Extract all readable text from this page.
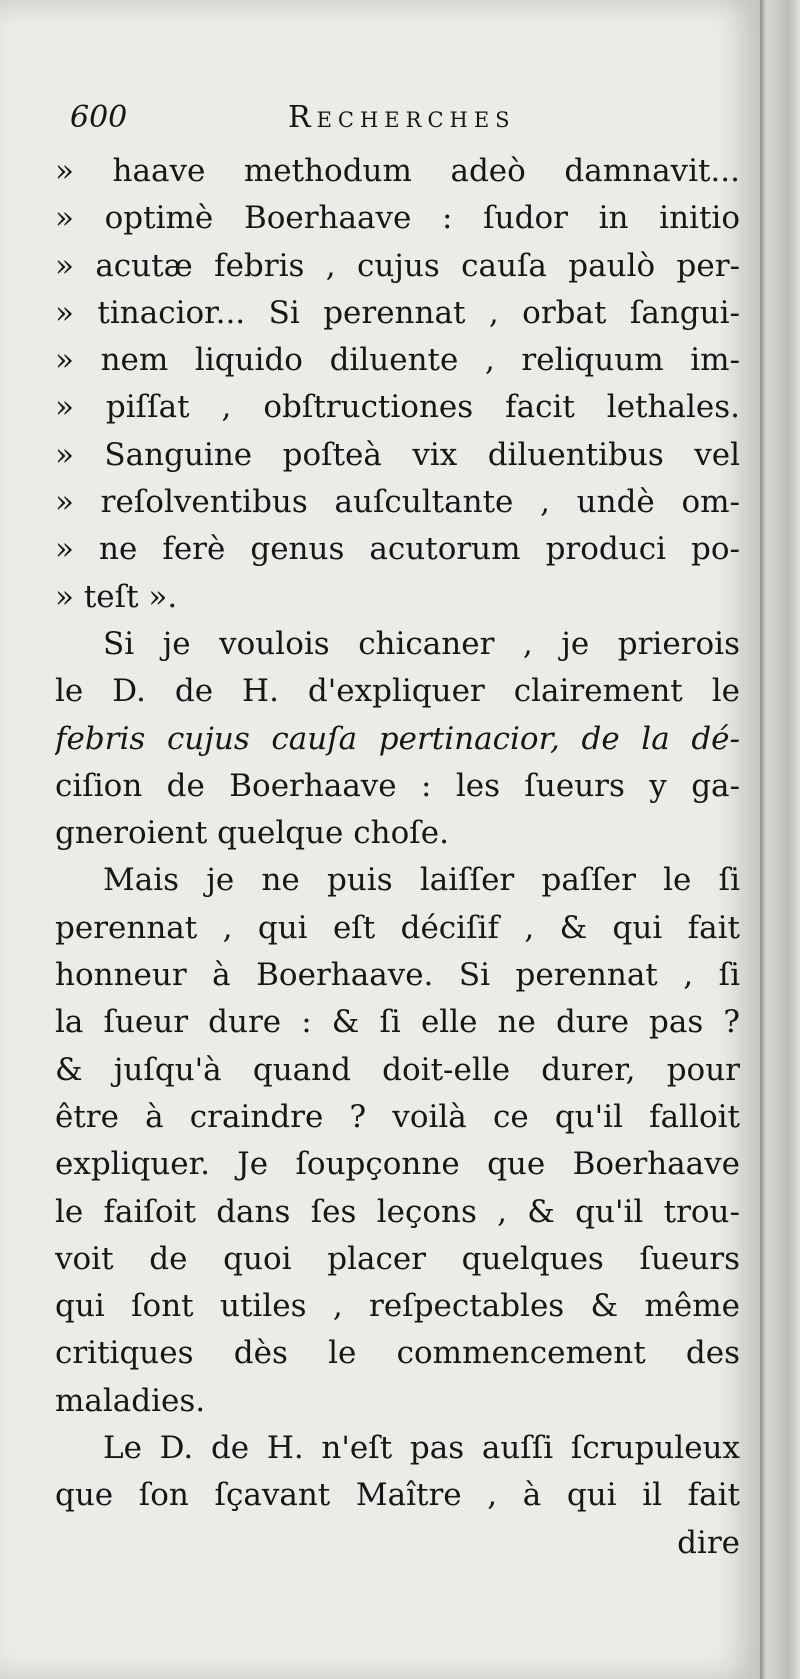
600	Recherches
» haave methodum adeò damnavit...
» optimè Boerhaave : ſudor in initio
» acutæ febris , cujus cauſa paulò per-
» tinacior... Si perennat , orbat ſangui-
» nem liquido diluente , reliquum im-
» piſſat , obſtructiones facit lethales.
» Sanguine poſteà vix diluentibus vel
» reſolventibus auſcultante , undè om-
» ne ferè genus acutorum produci po-
» teſt ».
Si je voulois chicaner , je prierois
le D. de H. d'expliquer clairement le
febris cujus cauſa pertinacior, de la dé-
ciſion de Boerhaave : les ſueurs y ga-
gneroient quelque choſe.
Mais je ne puis laiſſer paſſer le ſi
perennat , qui eſt déciſif , & qui fait
honneur à Boerhaave. Si perennat , ſi
la ſueur dure : & ſi elle ne dure pas ?
& juſqu'à quand doit-elle durer, pour
être à craindre ? voilà ce qu'il falloit
expliquer. Je ſoupçonne que Boerhaave
le faiſoit dans ſes leçons , & qu'il trou-
voit de quoi placer quelques ſueurs
qui ſont utiles , reſpectables & même
critiques dès le commencement des
maladies.
Le D. de H. n'eſt pas auſſi ſcrupuleux
que ſon ſçavant Maître , à qui il fait
dire
